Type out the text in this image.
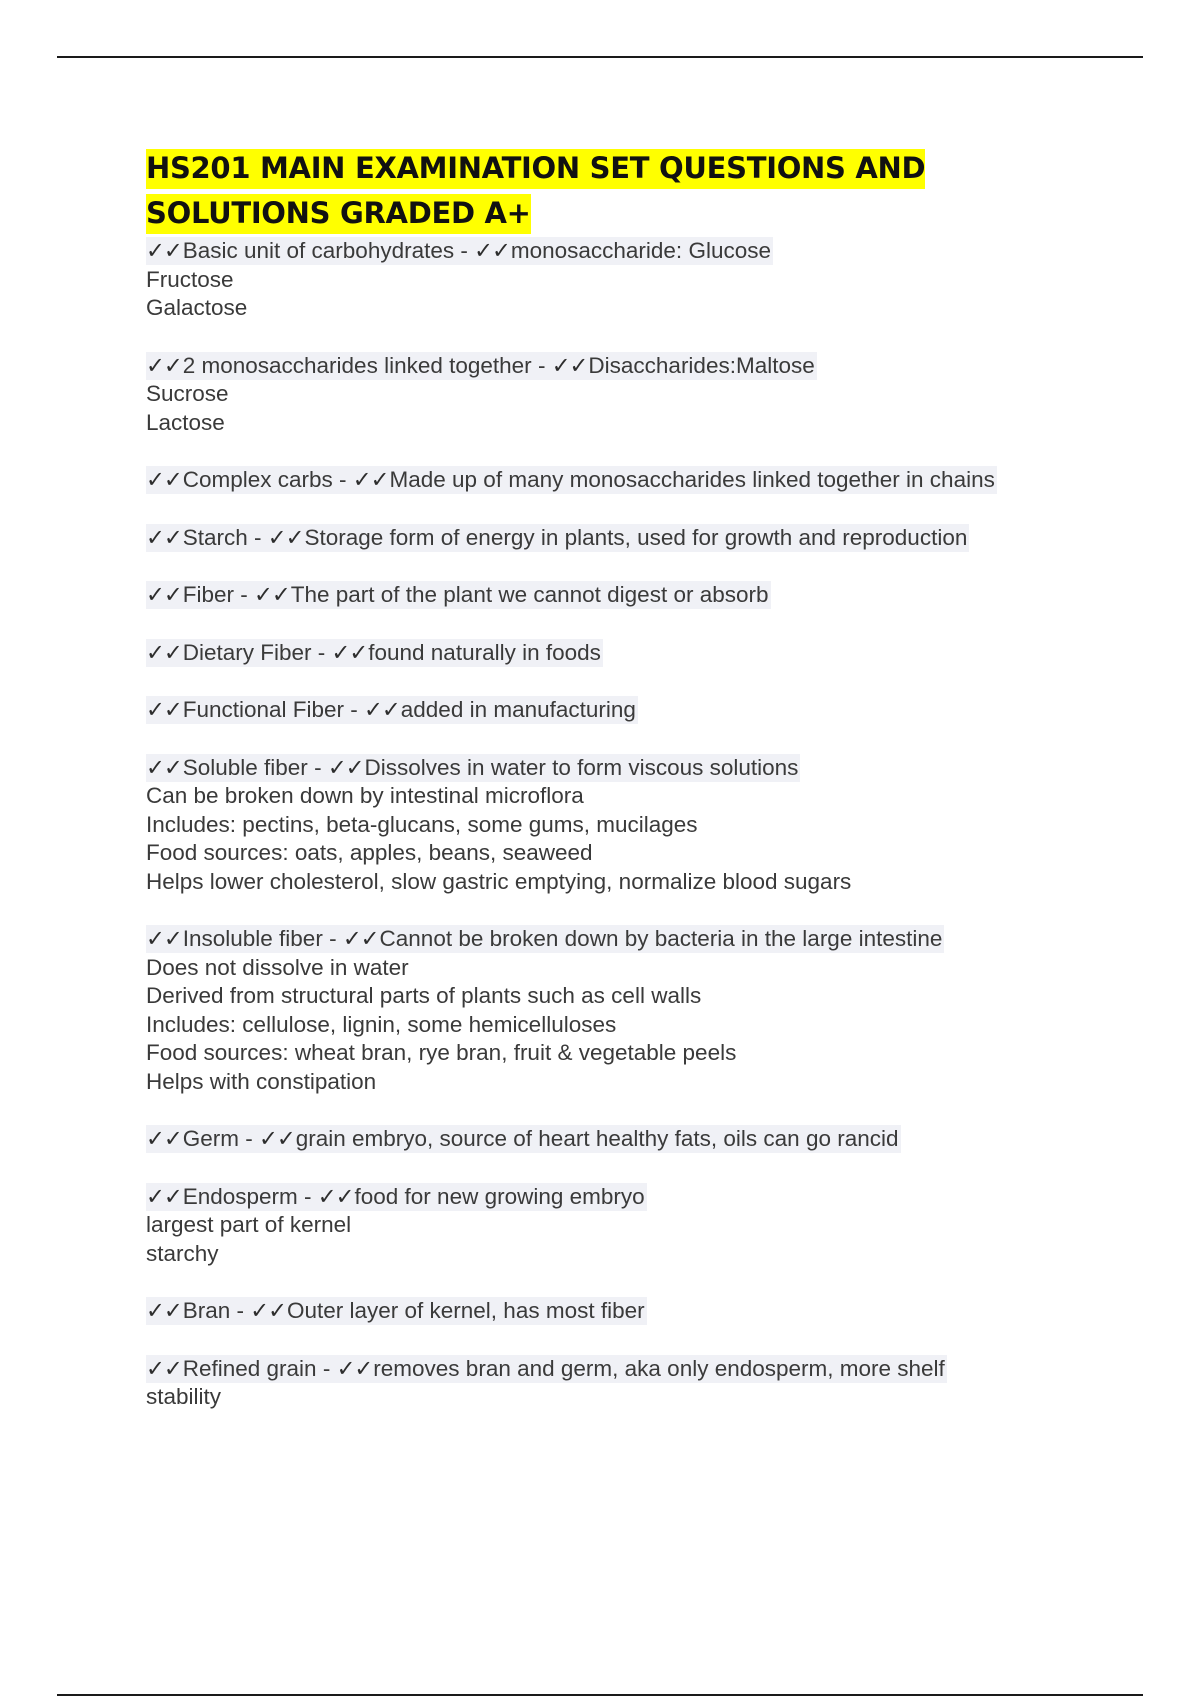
HS201 MAIN EXAMINATION SET QUESTIONS AND
SOLUTIONS GRADED A+
✓✓Basic unit of carbohydrates - ✓✓monosaccharide: Glucose
Fructose
Galactose
✓✓2 monosaccharides linked together - ✓✓Disaccharides:Maltose
Sucrose
Lactose
✓✓Complex carbs - ✓✓Made up of many monosaccharides linked together in chains
✓✓Starch - ✓✓Storage form of energy in plants, used for growth and reproduction
✓✓Fiber - ✓✓The part of the plant we cannot digest or absorb
✓✓Dietary Fiber - ✓✓found naturally in foods
✓✓Functional Fiber - ✓✓added in manufacturing
✓✓Soluble fiber - ✓✓Dissolves in water to form viscous solutions
Can be broken down by intestinal microflora
Includes: pectins, beta-glucans, some gums, mucilages
Food sources: oats, apples, beans, seaweed
Helps lower cholesterol, slow gastric emptying, normalize blood sugars
✓✓Insoluble fiber - ✓✓Cannot be broken down by bacteria in the large intestine
Does not dissolve in water
Derived from structural parts of plants such as cell walls
Includes: cellulose, lignin, some hemicelluloses
Food sources: wheat bran, rye bran, fruit & vegetable peels
Helps with constipation
✓✓Germ - ✓✓grain embryo, source of heart healthy fats, oils can go rancid
✓✓Endosperm - ✓✓food for new growing embryo
largest part of kernel
starchy
✓✓Bran - ✓✓Outer layer of kernel, has most fiber
✓✓Refined grain - ✓✓removes bran and germ, aka only endosperm, more shelf
stability
